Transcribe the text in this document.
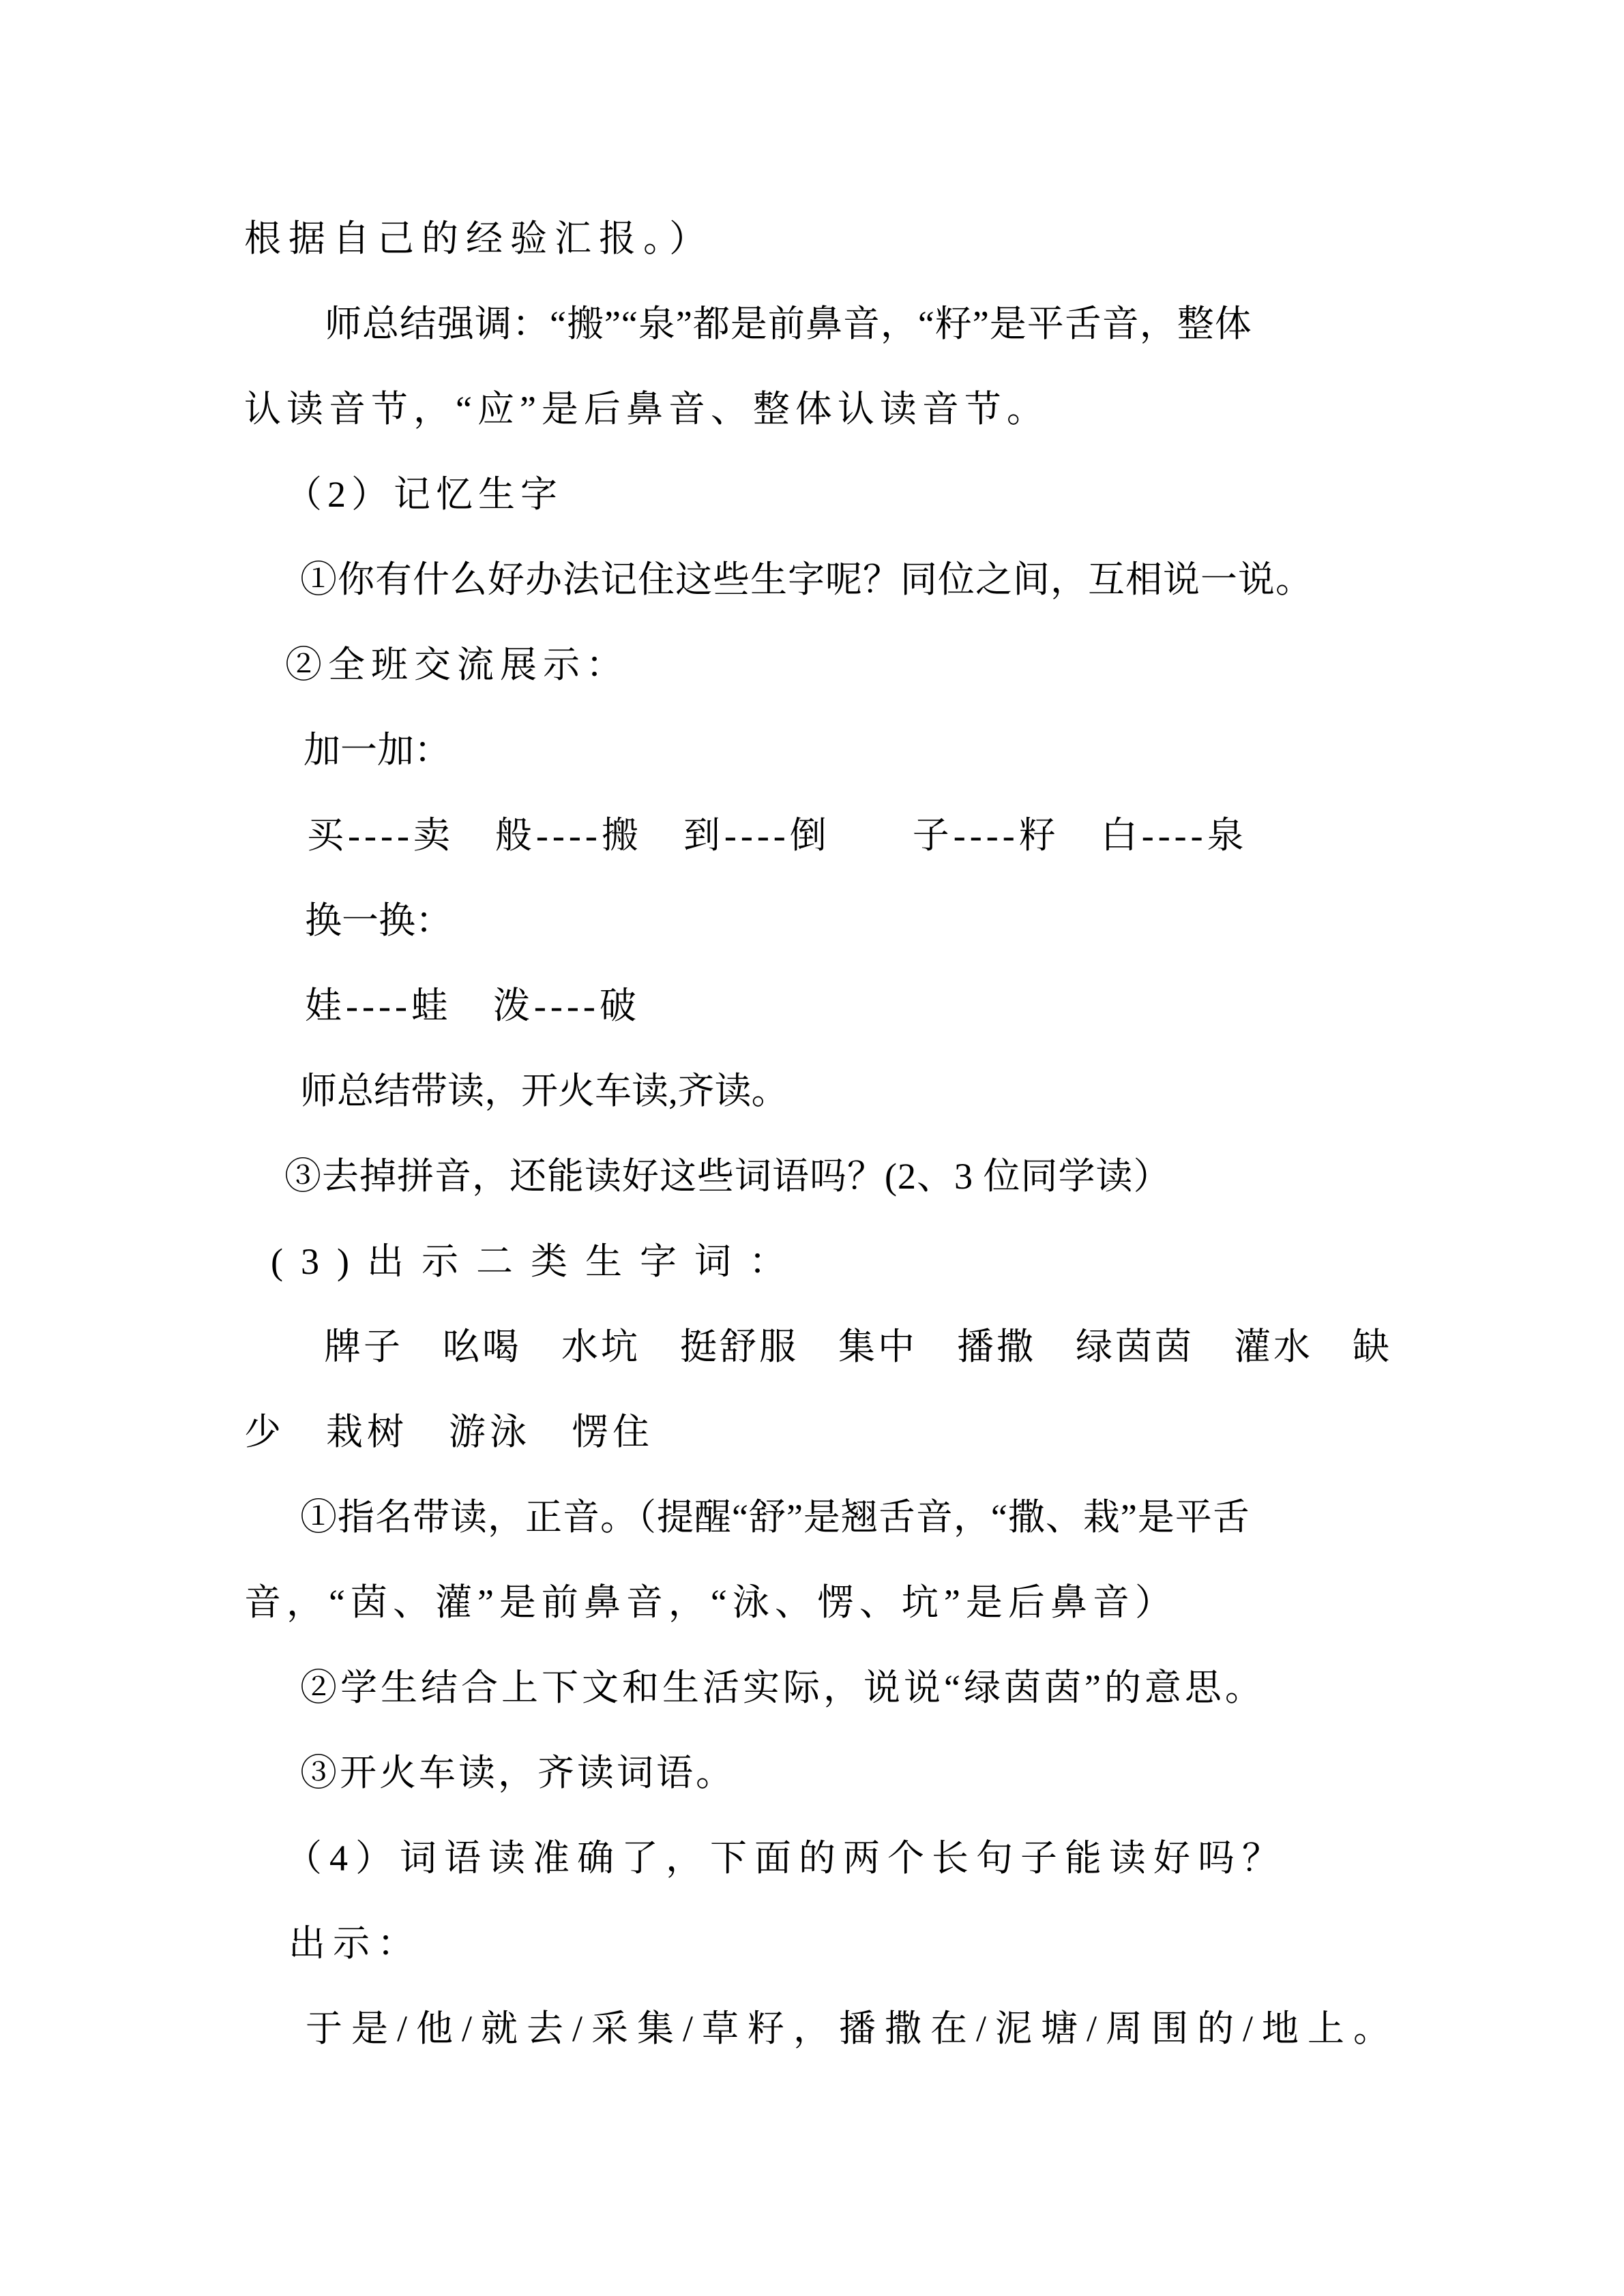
根据自己的经验汇报。）
师总结强调：“搬”“泉”都是前鼻音，“籽”是平舌音，整体
认读音节，“应”是后鼻音、整体认读音节。
（2）记忆生字
①你有什么好办法记住这些生字呢？同位之间，互相说一说。
②全班交流展示：
加一加：
买----卖　般----搬　到----倒　　子----籽　白----泉
换一换：
娃----蛙　泼----破
师总结带读，开火车读,齐读。
③去掉拼音，还能读好这些词语吗？(2、3 位同学读）
(3)出示二类生字词：
牌子　吆喝　水坑　挺舒服　集中　播撒　绿茵茵　灌水　缺
少　栽树　游泳　愣住
①指名带读，正音。（提醒“舒”是翘舌音，“撒、栽”是平舌
音，“茵、灌”是前鼻音，“泳、愣、坑”是后鼻音）
②学生结合上下文和生活实际，说说“绿茵茵”的意思。
③开火车读，齐读词语。
（4）词语读准确了，下面的两个长句子能读好吗？
出示：
于是/他/就去/采集/草籽，播撒在/泥塘/周围的/地上。
